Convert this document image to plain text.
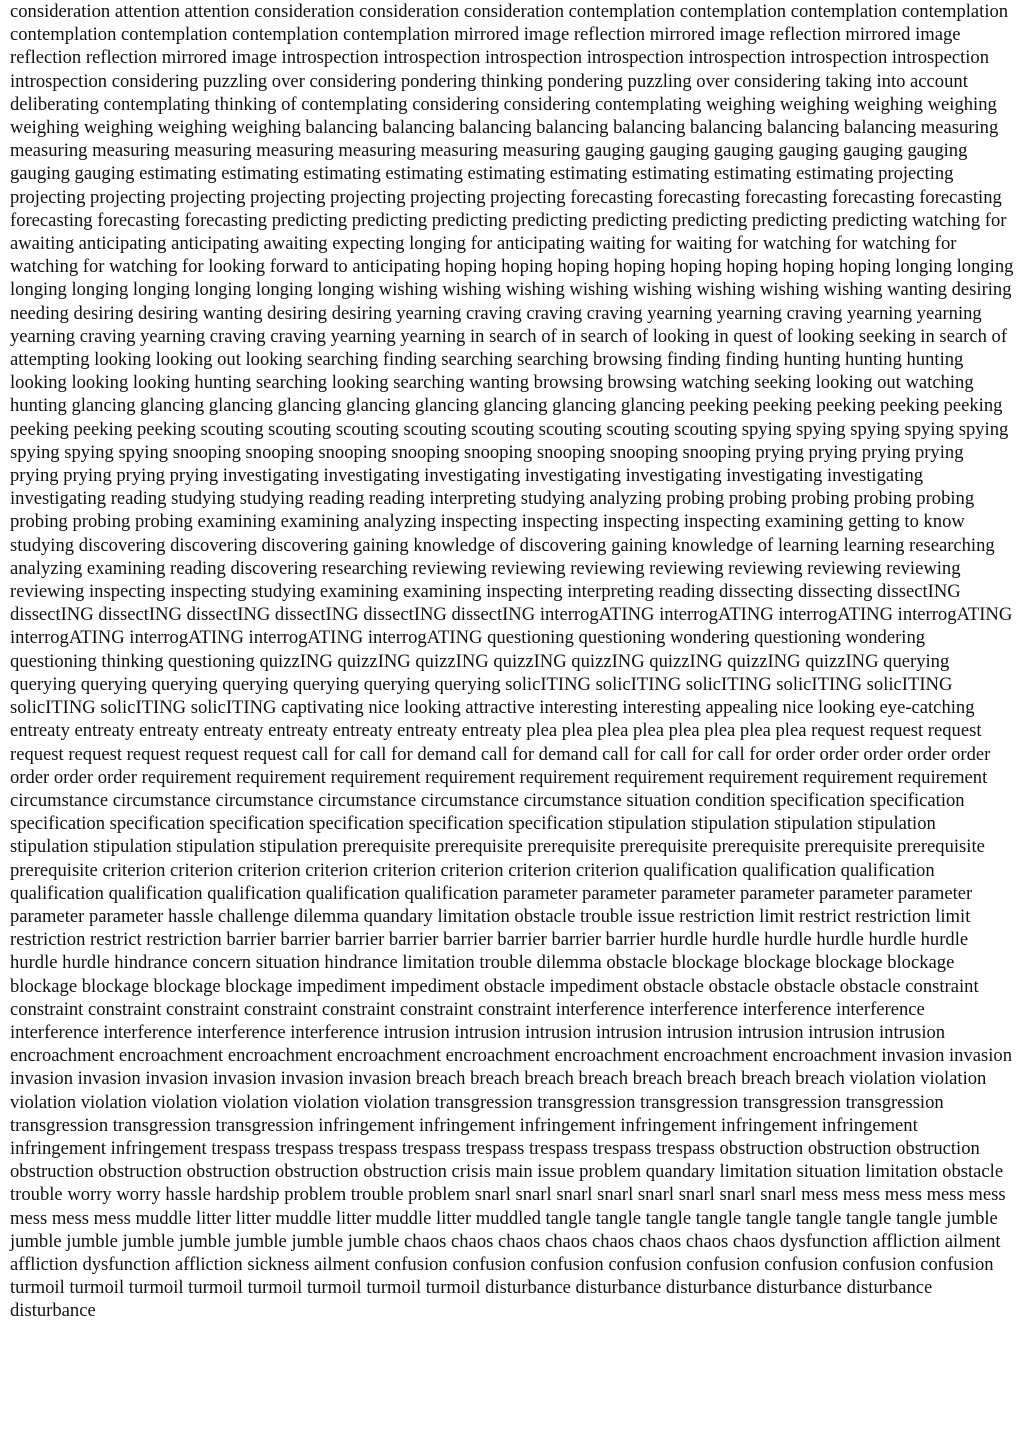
consideration attention attention consideration consideration consideration contemplation contemplation contemplation contemplation contemplation contemplation contemplation contemplation mirrored image reflection mirrored image reflection mirrored image reflection reflection mirrored image introspection introspection introspection introspection introspection introspection introspection introspection considering puzzling over considering pondering thinking pondering puzzling over considering taking into account deliberating contemplating thinking of contemplating considering considering contemplating weighing weighing weighing weighing weighing weighing weighing weighing balancing balancing balancing balancing balancing balancing balancing balancing measuring measuring measuring measuring measuring measuring measuring measuring gauging gauging gauging gauging gauging gauging gauging gauging estimating estimating estimating estimating estimating estimating estimating estimating estimating projecting projecting projecting projecting projecting projecting projecting projecting forecasting forecasting forecasting forecasting forecasting forecasting forecasting forecasting predicting predicting predicting predicting predicting predicting predicting predicting watching for awaiting anticipating anticipating awaiting expecting longing for anticipating waiting for waiting for watching for watching for watching for watching for looking forward to anticipating hoping hoping hoping hoping hoping hoping hoping hoping longing longing longing longing longing longing longing longing wishing wishing wishing wishing wishing wishing wishing wishing wanting desiring needing desiring desiring wanting desiring desiring yearning craving craving craving yearning yearning craving yearning yearning yearning craving yearning craving craving yearning yearning in search of in search of looking in quest of looking seeking in search of attempting looking looking out looking searching finding searching searching browsing finding finding hunting hunting hunting looking looking looking hunting searching looking searching wanting browsing browsing watching seeking looking out watching hunting glancing glancing glancing glancing glancing glancing glancing glancing glancing peeking peeking peeking peeking peeking peeking peeking peeking scouting scouting scouting scouting scouting scouting scouting scouting spying spying spying spying spying spying spying spying snooping snooping snooping snooping snooping snooping snooping snooping prying prying prying prying prying prying prying prying investigating investigating investigating investigating investigating investigating investigating investigating reading studying studying reading reading interpreting studying analyzing probing probing probing probing probing probing probing probing examining examining analyzing inspecting inspecting inspecting inspecting examining getting to know studying discovering discovering discovering gaining knowledge of discovering gaining knowledge of learning learning researching analyzing examining reading discovering researching reviewing reviewing reviewing reviewing reviewing reviewing reviewing reviewing inspecting inspecting studying examining examining inspecting interpreting reading dissecting dissecting dissectING dissectING dissectING dissectING dissectING dissectING dissectING interrogATING interrogATING interrogATING interrogATING interrogATING interrogATING interrogATING interrogATING questioning questioning wondering questioning wondering questioning thinking questioning quizzING quizzING quizzING quizzING quizzING quizzING quizzING quizzING querying querying querying querying querying querying querying querying solicITING solicITING solicITING solicITING solicITING solicITING solicITING solicITING captivating nice looking attractive interesting interesting appealing nice looking eye-catching entreaty entreaty entreaty entreaty entreaty entreaty entreaty entreaty plea plea plea plea plea plea plea plea request request request request request request request request call for call for demand call for demand call for call for call for order order order order order order order order requirement requirement requirement requirement requirement requirement requirement requirement requirement circumstance circumstance circumstance circumstance circumstance circumstance situation condition specification specification specification specification specification specification specification specification stipulation stipulation stipulation stipulation stipulation stipulation stipulation stipulation prerequisite prerequisite prerequisite prerequisite prerequisite prerequisite prerequisite prerequisite criterion criterion criterion criterion criterion criterion criterion criterion qualification qualification qualification qualification qualification qualification qualification qualification parameter parameter parameter parameter parameter parameter parameter parameter hassle challenge dilemma quandary limitation obstacle trouble issue restriction limit restrict restriction limit restriction restrict restriction barrier barrier barrier barrier barrier barrier barrier barrier hurdle hurdle hurdle hurdle hurdle hurdle hurdle hurdle hindrance concern situation hindrance limitation trouble dilemma obstacle blockage blockage blockage blockage blockage blockage blockage blockage impediment impediment obstacle impediment obstacle obstacle obstacle obstacle constraint constraint constraint constraint constraint constraint constraint constraint interference interference interference interference interference interference interference interference intrusion intrusion intrusion intrusion intrusion intrusion intrusion intrusion encroachment encroachment encroachment encroachment encroachment encroachment encroachment encroachment invasion invasion invasion invasion invasion invasion invasion invasion breach breach breach breach breach breach breach breach violation violation violation violation violation violation violation violation transgression transgression transgression transgression transgression transgression transgression transgression infringement infringement infringement infringement infringement infringement infringement infringement trespass trespass trespass trespass trespass trespass trespass trespass obstruction obstruction obstruction obstruction obstruction obstruction obstruction obstruction crisis main issue problem quandary limitation situation limitation obstacle trouble worry worry hassle hardship problem trouble problem snarl snarl snarl snarl snarl snarl snarl snarl mess mess mess mess mess mess mess mess muddle litter litter muddle litter muddle litter muddled tangle tangle tangle tangle tangle tangle tangle tangle jumble jumble jumble jumble jumble jumble jumble jumble chaos chaos chaos chaos chaos chaos chaos chaos dysfunction affliction ailment affliction dysfunction affliction sickness ailment confusion confusion confusion confusion confusion confusion confusion confusion turmoil turmoil turmoil turmoil turmoil turmoil turmoil turmoil disturbance disturbance disturbance disturbance disturbance disturbance
